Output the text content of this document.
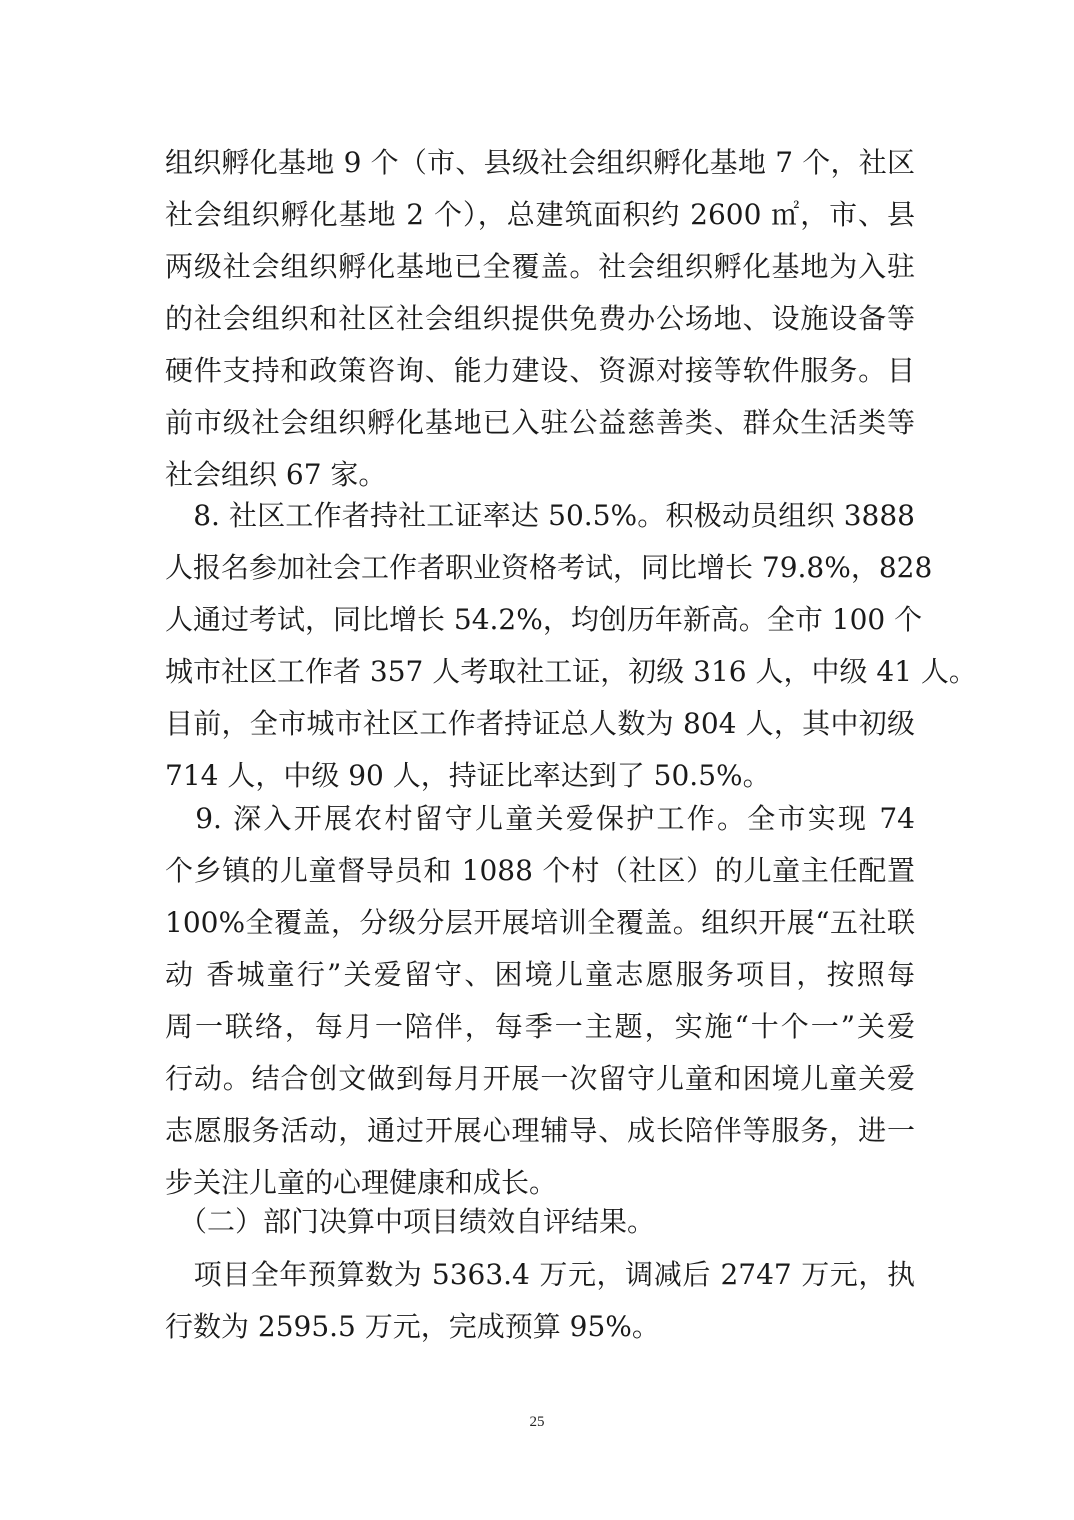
组织孵化基地 9 个（市、县级社会组织孵化基地 7 个，社区
社会组织孵化基地 2 个），总建筑面积约 2600 ㎡，市、县
两级社会组织孵化基地已全覆盖。社会组织孵化基地为入驻
的社会组织和社区社会组织提供免费办公场地、设施设备等
硬件支持和政策咨询、能力建设、资源对接等软件服务。目
前市级社会组织孵化基地已入驻公益慈善类、群众生活类等
社会组织 67 家。
　8. 社区工作者持社工证率达 50.5%。积极动员组织 3888
人报名参加社会工作者职业资格考试，同比增长 79.8%，828
人通过考试，同比增长 54.2%，均创历年新高。全市 100 个
城市社区工作者 357 人考取社工证，初级 316 人，中级 41 人。
目前，全市城市社区工作者持证总人数为 804 人，其中初级
714 人，中级 90 人，持证比率达到了 50.5%。
　9. 深入开展农村留守儿童关爱保护工作。全市实现 74
个乡镇的儿童督导员和 1088 个村（社区）的儿童主任配置
100%全覆盖，分级分层开展培训全覆盖。组织开展“五社联
动 香城童行”关爱留守、困境儿童志愿服务项目，按照每
周一联络，每月一陪伴，每季一主题，实施“十个一”关爱
行动。结合创文做到每月开展一次留守儿童和困境儿童关爱
志愿服务活动，通过开展心理辅导、成长陪伴等服务，进一
步关注儿童的心理健康和成长。
　（二）部门决算中项目绩效自评结果。
　项目全年预算数为 5363.4 万元，调减后 2747 万元，执
行数为 2595.5 万元，完成预算 95%。
25
